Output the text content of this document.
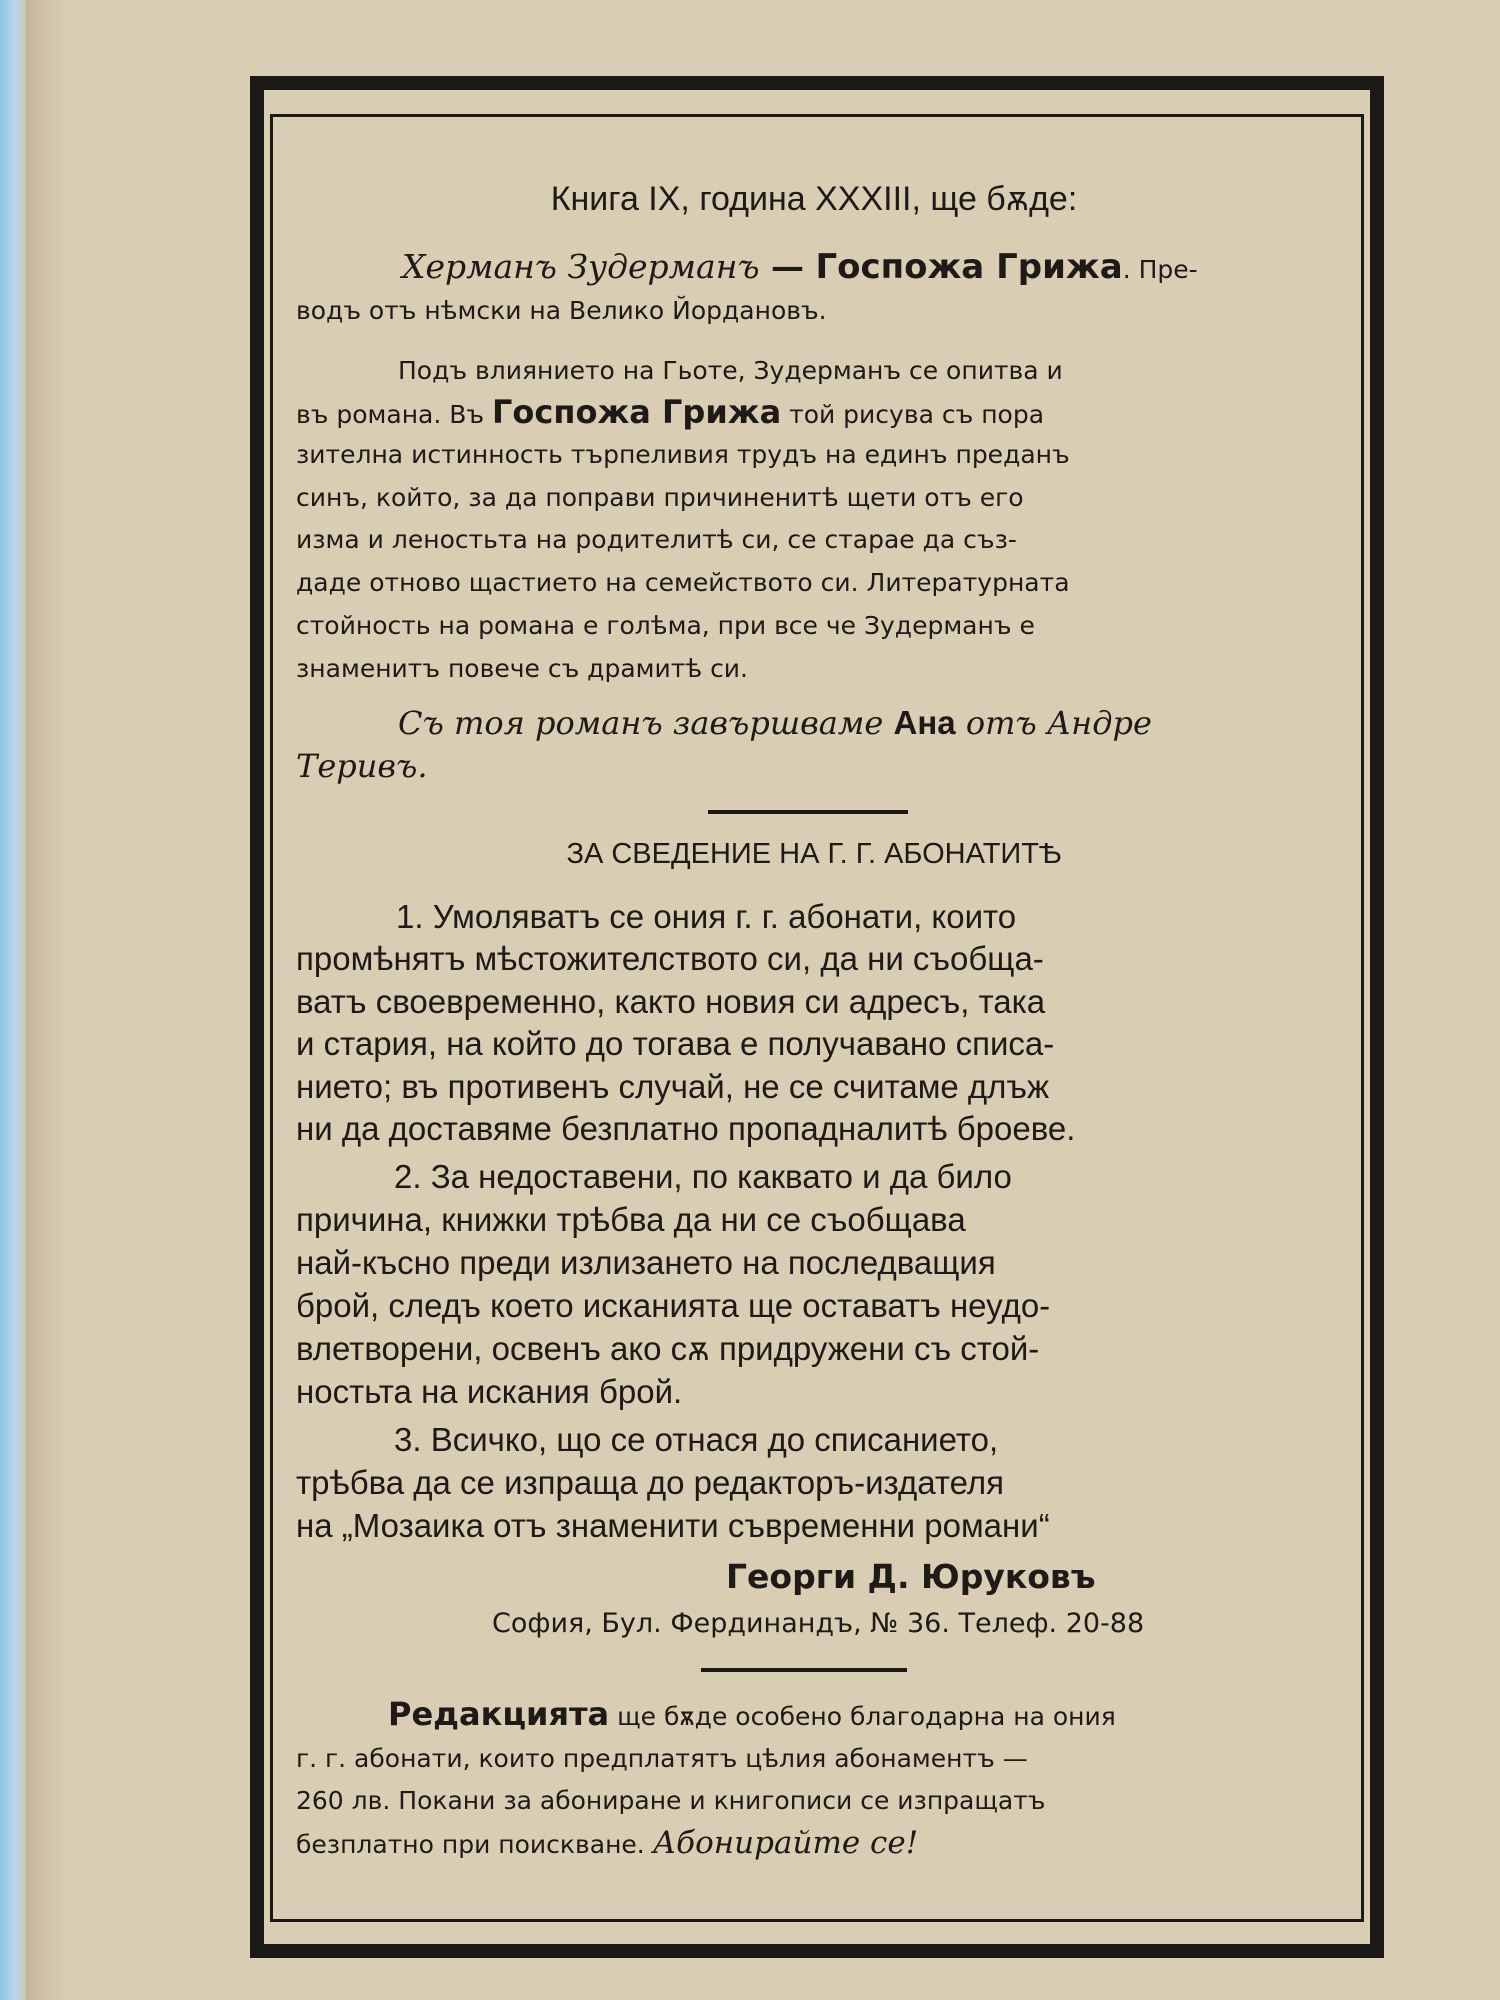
Книга IX, година XXXIII, ще бѫде:
Херманъ Зудерманъ — Госпожа Грижа. Пре-
водъ отъ нѣмски на Велико Йордановъ.
Подъ влиянието на Гьоте, Зудерманъ се опитва и
въ романа. Въ Госпожа Грижа той рисува съ пора
зителна истинность търпеливия трудъ на единъ преданъ
синъ, който, за да поправи причиненитѣ щети отъ его
изма и леностьта на родителитѣ си, се старае да съз-
даде отново щастието на семейството си. Литературната
стойность на романа е голѣма, при все че Зудерманъ е
знаменитъ повече съ драмитѣ си.
Съ тоя романъ завършваме Ана отъ Андре
Теривъ.
ЗА СВЕДЕНИЕ НА Г. Г. АБОНАТИТѢ
1. Умоляватъ се ония г. г. абонати, които
промѣнятъ мѣстожителството си, да ни съобща-
ватъ своевременно, както новия си адресъ, така
и стария, на който до тогава е получавано списа-
нието; въ противенъ случай, не се считаме длъж
ни да доставяме безплатно пропадналитѣ броеве.
2. За недоставени, по каквато и да било
причина, книжки трѣбва да ни се съобщава
най-късно преди излизането на последващия
брой, следъ което исканията ще оставатъ неудо-
влетворени, освенъ ако сѫ придружени съ стой-
ностьта на искания брой.
3. Всичко, що се отнася до списанието,
трѣбва да се изпраща до редакторъ-издателя
на „Мозаика отъ знаменити съвременни романи“
Георги Д. Юруковъ
София, Бул. Фердинандъ, № 36. Телеф. 20-88
Редакцията ще бѫде особено благодарна на ония
г. г. абонати, които предплатятъ цѣлия абонаментъ —
260 лв. Покани за абониране и книгописи се изпращатъ
безплатно при поискване. Абонирайте се!
